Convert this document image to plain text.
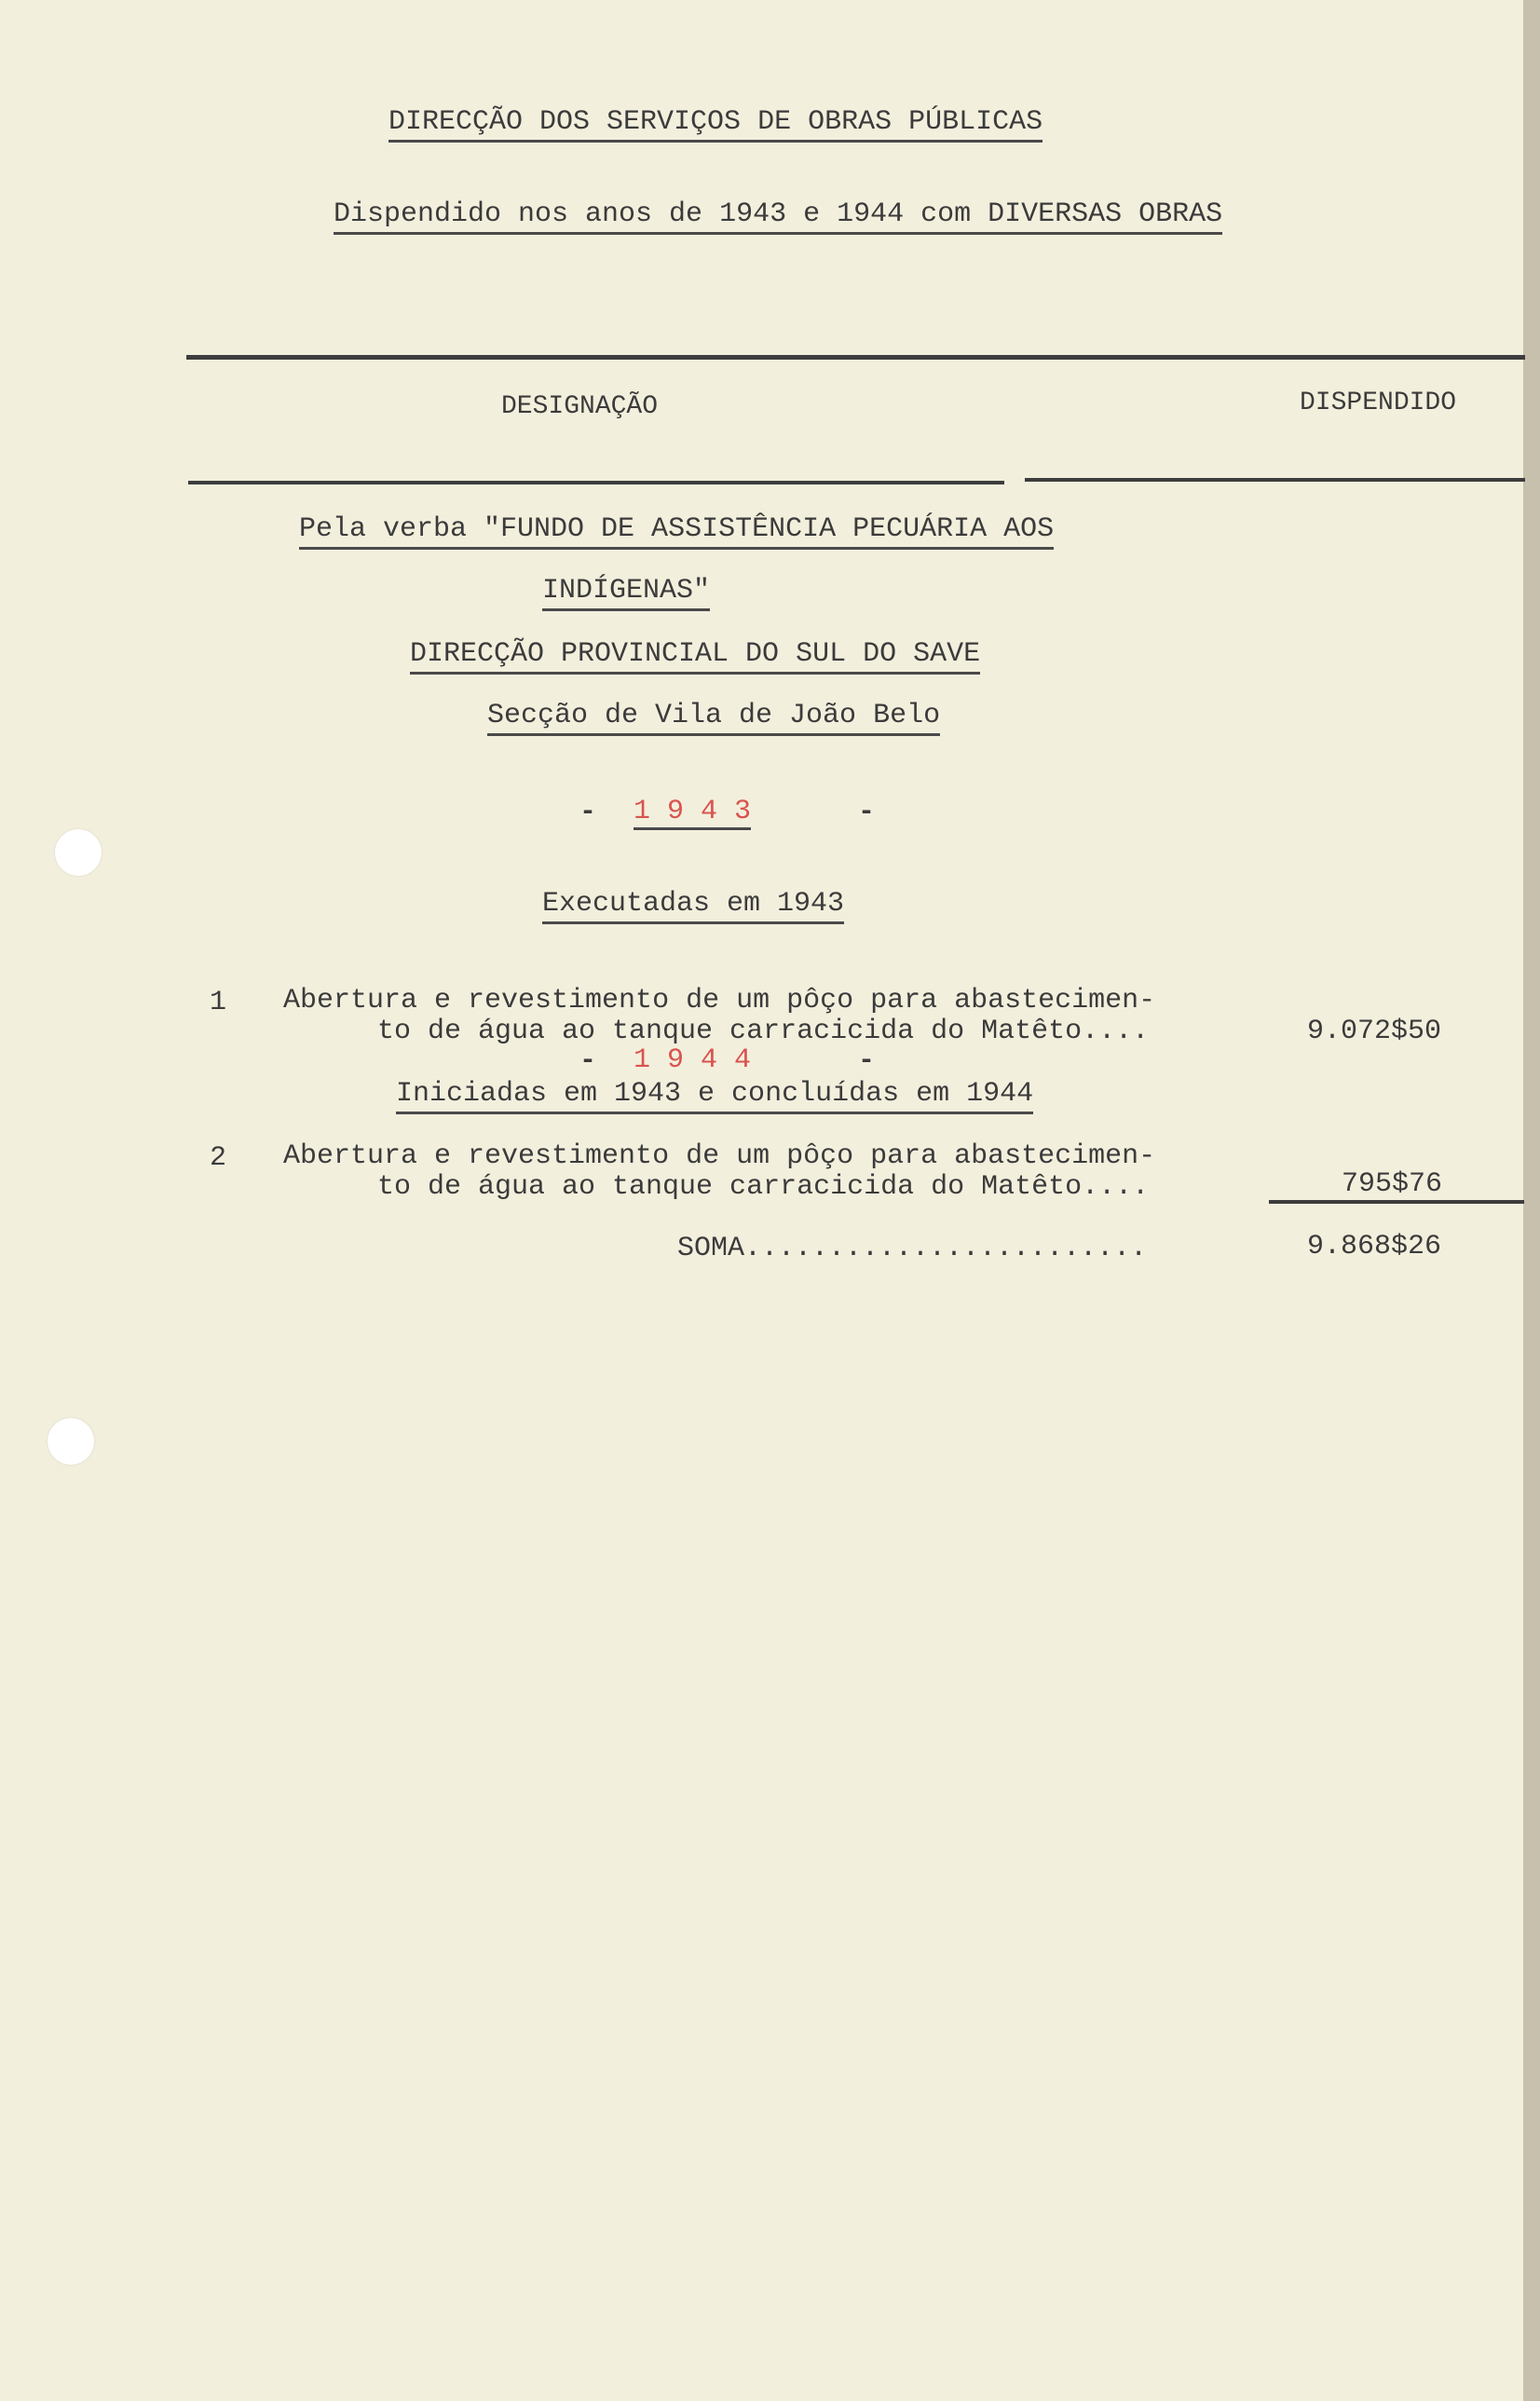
DIRECÇÃO DOS SERVIÇOS DE OBRAS PÚBLICAS
Dispendido nos anos de 1943 e 1944 com DIVERSAS OBRAS
DESIGNAÇÃO	DISPENDIDO
Pela verba "FUNDO DE ASSISTÊNCIA PECUÁRIA AOS
INDÍGENAS"
DIRECÇÃO PROVINCIAL DO SUL DO SAVE
Secção de Vila de João Belo
- 1 9 4 3	-
Executadas em 1943
1 Abertura e revestimento de um pôço para abastecimen-
to de água ao tanque carracicida do Matêto....	9.072$50
- 1 9 4 4	-
Iniciadas em 1943 e concluídas em 1944
2 Abertura e revestimento de um pôço para abastecimen-
to de água ao tanque carracicida do Matêto....	795$76
SOMA........................	9.868$26
